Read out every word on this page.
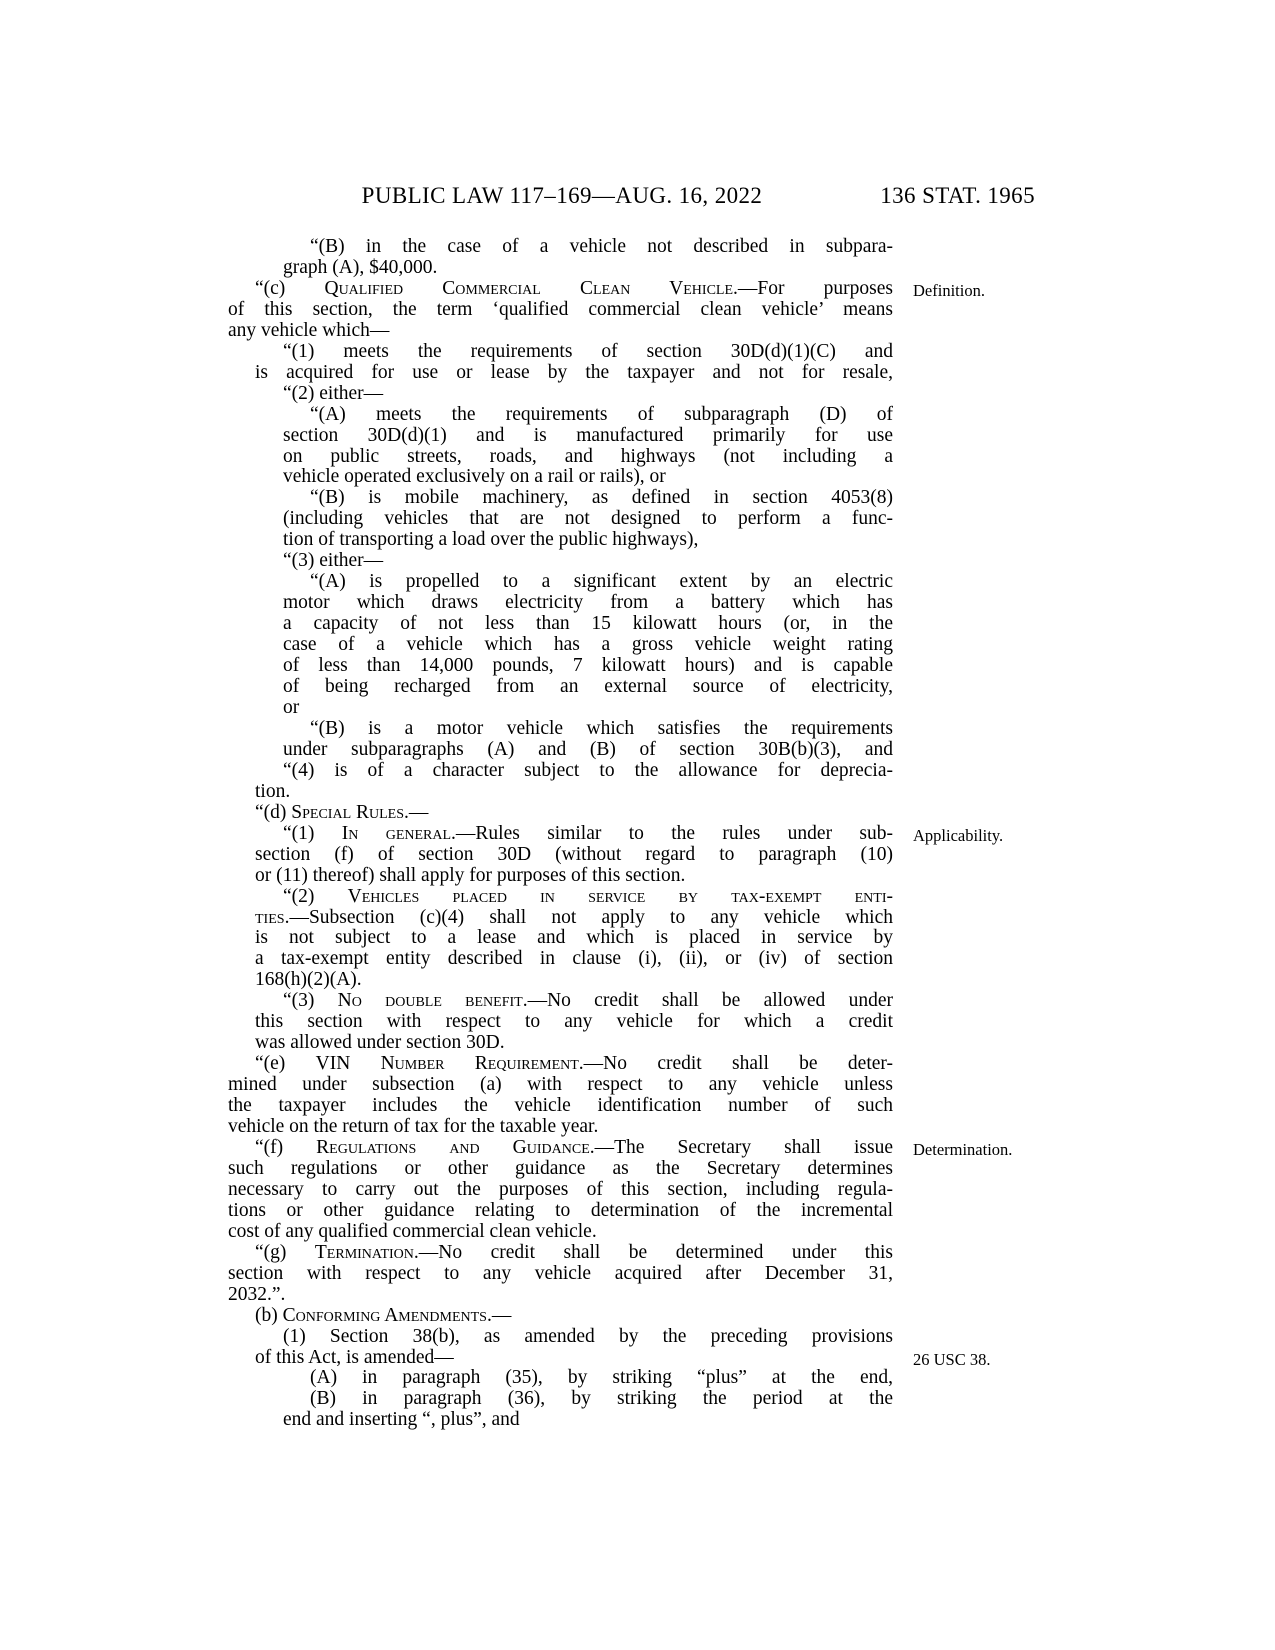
PUBLIC LAW 117–169—AUG. 16, 2022	136 STAT. 1965
“(B) in the case of a vehicle not described in subpara-
graph (A), $40,000.
“(c) Qualified Commercial Clean Vehicle.—For purposes Definition.
of this section, the term ‘qualified commercial clean vehicle’ means
any vehicle which—
“(1) meets the requirements of section 30D(d)(1)(C) and
is acquired for use or lease by the taxpayer and not for resale,
“(2) either—
“(A) meets the requirements of subparagraph (D) of
section 30D(d)(1) and is manufactured primarily for use
on public streets, roads, and highways (not including a
vehicle operated exclusively on a rail or rails), or
“(B) is mobile machinery, as defined in section 4053(8)
(including vehicles that are not designed to perform a func-
tion of transporting a load over the public highways),
“(3) either—
“(A) is propelled to a significant extent by an electric
motor which draws electricity from a battery which has
a capacity of not less than 15 kilowatt hours (or, in the
case of a vehicle which has a gross vehicle weight rating
of less than 14,000 pounds, 7 kilowatt hours) and is capable
of being recharged from an external source of electricity,
or
“(B) is a motor vehicle which satisfies the requirements
under subparagraphs (A) and (B) of section 30B(b)(3), and
“(4) is of a character subject to the allowance for deprecia-
tion.
“(d) Special Rules.—
“(1) In general.—Rules similar to the rules under sub- Applicability.
section (f) of section 30D (without regard to paragraph (10)
or (11) thereof) shall apply for purposes of this section.
“(2) Vehicles placed in service by tax-exempt enti-
ties.—Subsection (c)(4) shall not apply to any vehicle which
is not subject to a lease and which is placed in service by
a tax-exempt entity described in clause (i), (ii), or (iv) of section
168(h)(2)(A).
“(3) No double benefit.—No credit shall be allowed under
this section with respect to any vehicle for which a credit
was allowed under section 30D.
“(e) VIN Number Requirement.—No credit shall be deter-
mined under subsection (a) with respect to any vehicle unless
the taxpayer includes the vehicle identification number of such
vehicle on the return of tax for the taxable year.
“(f) Regulations and Guidance.—The Secretary shall issue Determination.
such regulations or other guidance as the Secretary determines
necessary to carry out the purposes of this section, including regula-
tions or other guidance relating to determination of the incremental
cost of any qualified commercial clean vehicle.
“(g) Termination.—No credit shall be determined under this
section with respect to any vehicle acquired after December 31,
2032.”.
(b) Conforming Amendments.—
(1) Section 38(b), as amended by the preceding provisions
of this Act, is amended—	26 USC 38.
(A) in paragraph (35), by striking “plus” at the end,
(B) in paragraph (36), by striking the period at the
end and inserting “, plus”, and
